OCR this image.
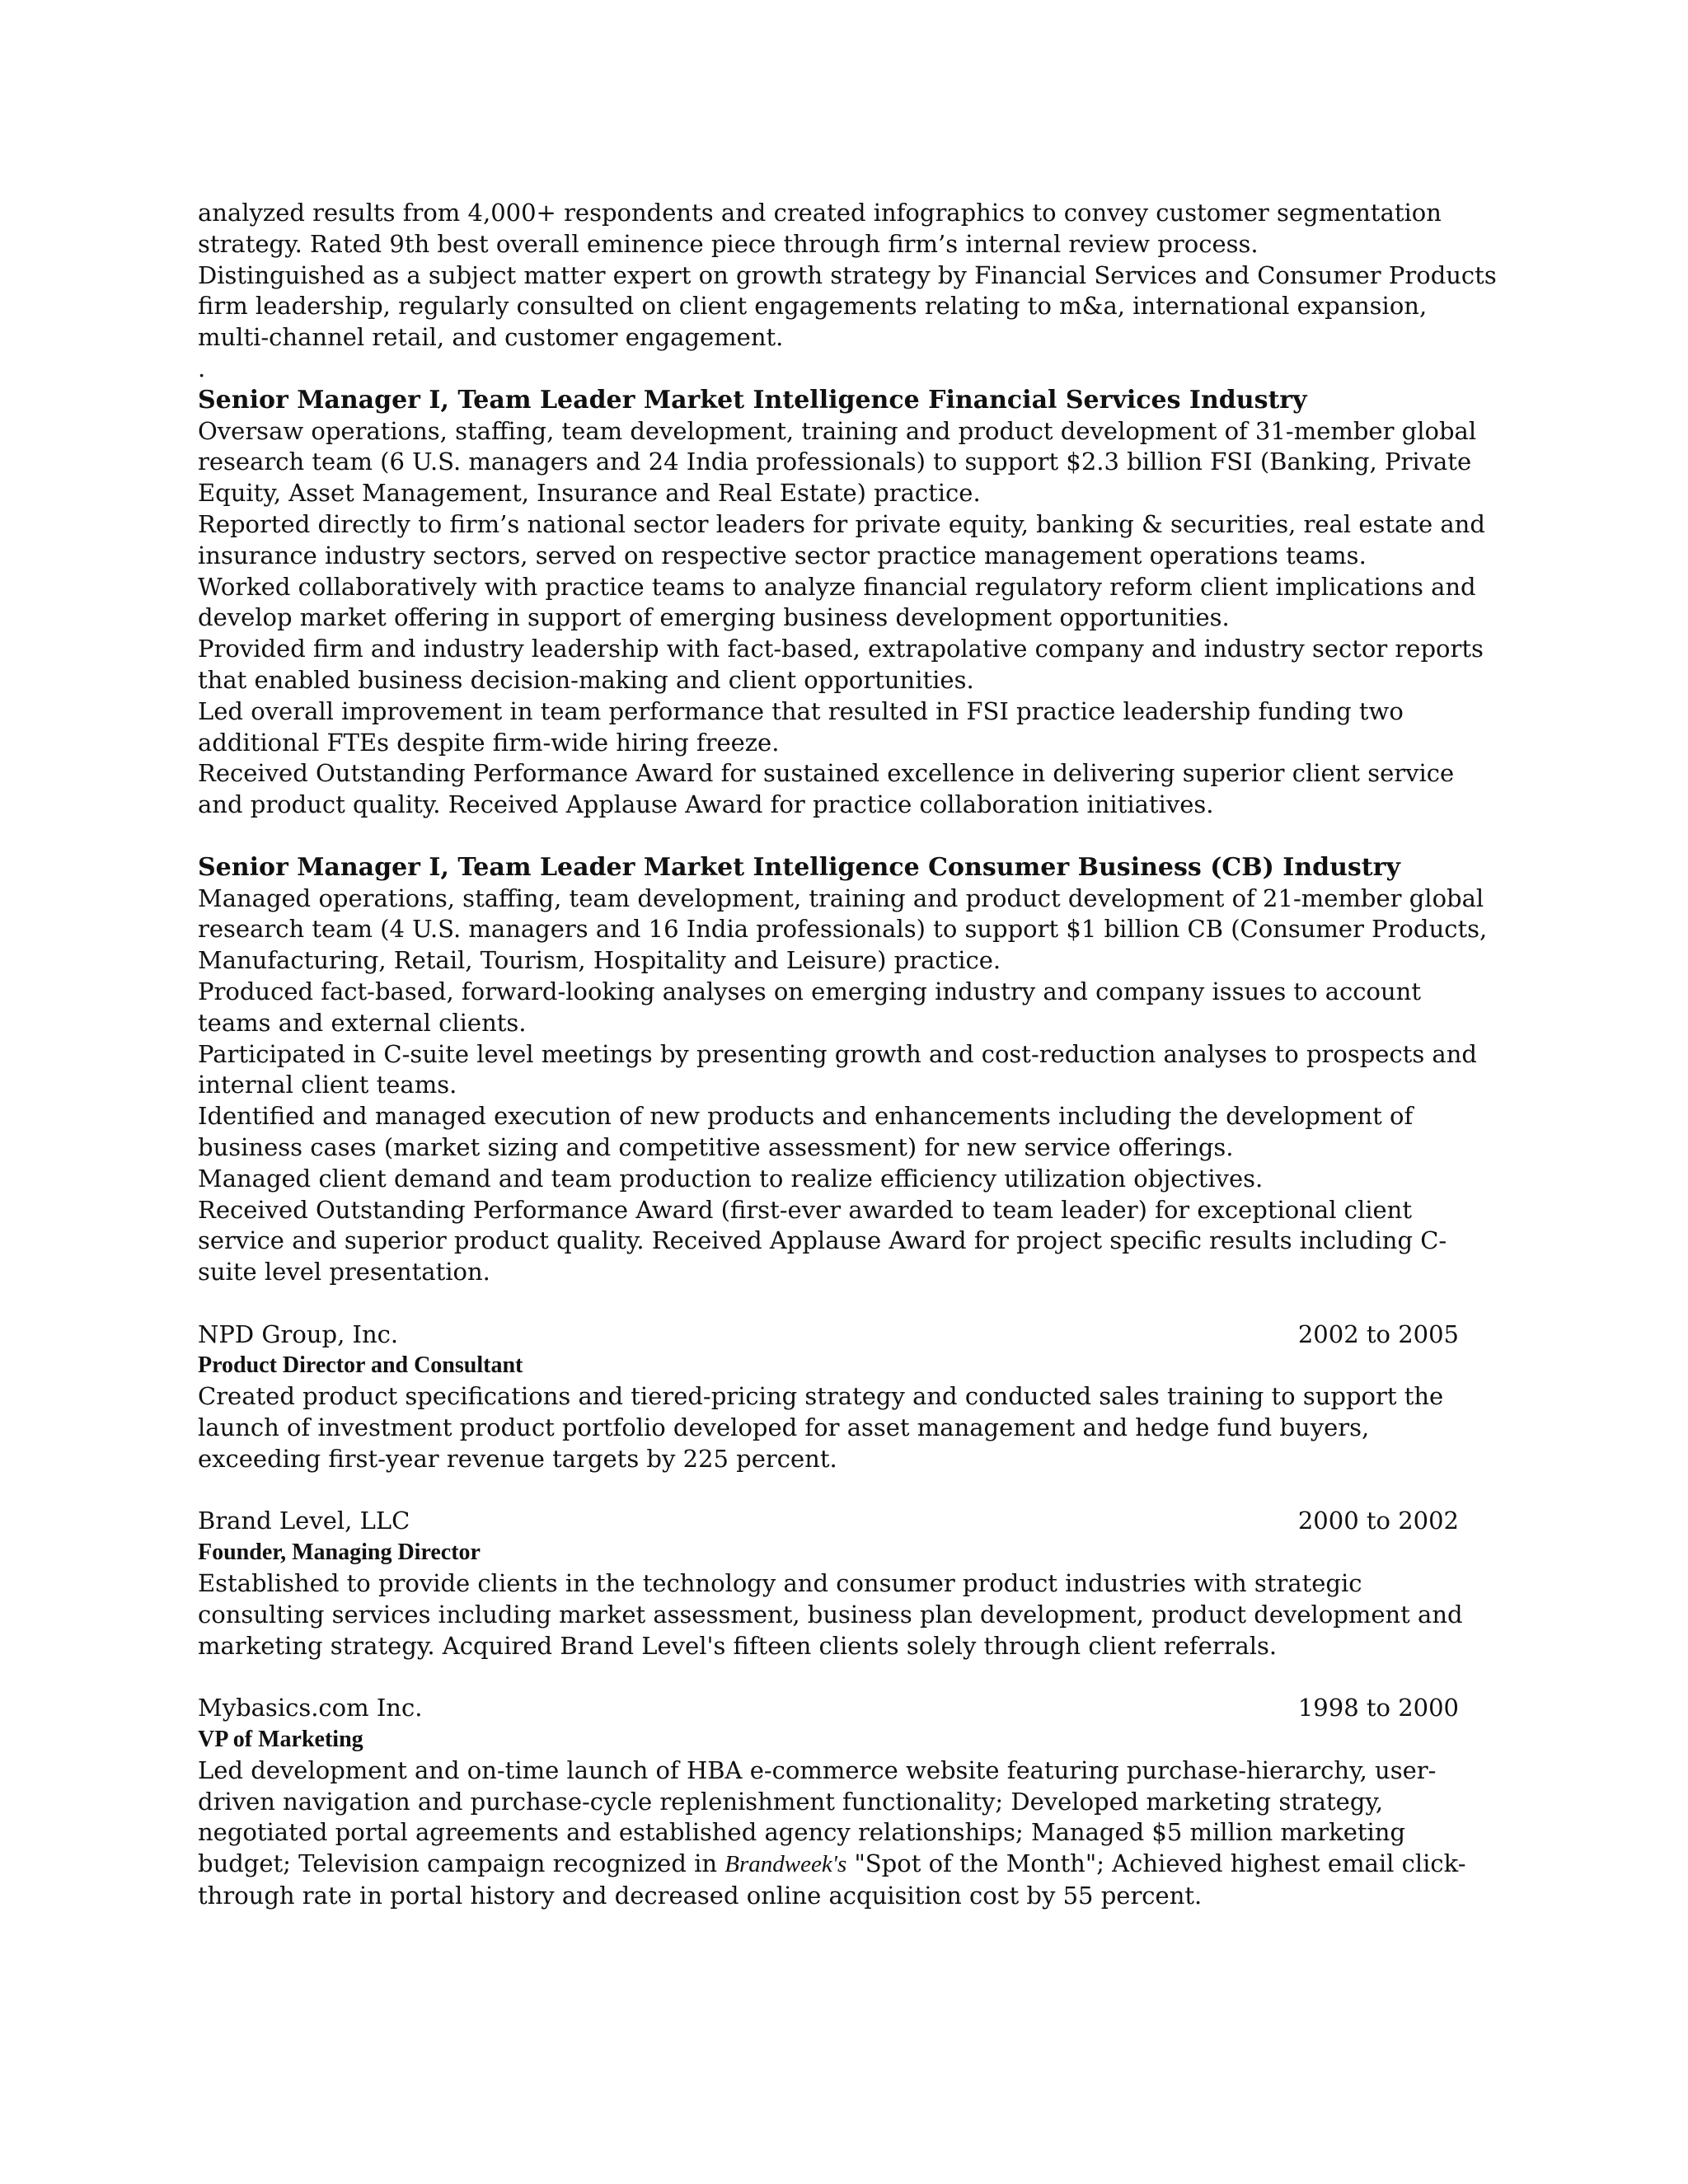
analyzed results from 4,000+ respondents and created infographics to convey customer segmentation
strategy. Rated 9th best overall eminence piece through firm’s internal review process.
Distinguished as a subject matter expert on growth strategy by Financial Services and Consumer Products
firm leadership, regularly consulted on client engagements relating to m&a, international expansion,
multi-channel retail, and customer engagement.
.
Senior Manager I, Team Leader Market Intelligence Financial Services Industry
Oversaw operations, staffing, team development, training and product development of 31-member global
research team (6 U.S. managers and 24 India professionals) to support $2.3 billion FSI (Banking, Private
Equity, Asset Management, Insurance and Real Estate) practice.
Reported directly to firm’s national sector leaders for private equity, banking & securities, real estate and
insurance industry sectors, served on respective sector practice management operations teams.
Worked collaboratively with practice teams to analyze financial regulatory reform client implications and
develop market offering in support of emerging business development opportunities.
Provided firm and industry leadership with fact-based, extrapolative company and industry sector reports
that enabled business decision-making and client opportunities.
Led overall improvement in team performance that resulted in FSI practice leadership funding two
additional FTEs despite firm-wide hiring freeze.
Received Outstanding Performance Award for sustained excellence in delivering superior client service
and product quality. Received Applause Award for practice collaboration initiatives.
Senior Manager I, Team Leader Market Intelligence Consumer Business (CB) Industry
Managed operations, staffing, team development, training and product development of 21-member global
research team (4 U.S. managers and 16 India professionals) to support $1 billion CB (Consumer Products,
Manufacturing, Retail, Tourism, Hospitality and Leisure) practice.
Produced fact-based, forward-looking analyses on emerging industry and company issues to account
teams and external clients.
Participated in C-suite level meetings by presenting growth and cost-reduction analyses to prospects and
internal client teams.
Identified and managed execution of new products and enhancements including the development of
business cases (market sizing and competitive assessment) for new service offerings.
Managed client demand and team production to realize efficiency utilization objectives.
Received Outstanding Performance Award (first-ever awarded to team leader) for exceptional client
service and superior product quality. Received Applause Award for project specific results including C-
suite level presentation.
NPD Group, Inc.	2002 to 2005
Product Director and Consultant
Created product specifications and tiered-pricing strategy and conducted sales training to support the
launch of investment product portfolio developed for asset management and hedge fund buyers,
exceeding first-year revenue targets by 225 percent.
Brand Level, LLC	2000 to 2002
Founder, Managing Director
Established to provide clients in the technology and consumer product industries with strategic
consulting services including market assessment, business plan development, product development and
marketing strategy. Acquired Brand Level's fifteen clients solely through client referrals.
Mybasics.com Inc.	1998 to 2000
VP of Marketing
Led development and on-time launch of HBA e-commerce website featuring purchase-hierarchy, user-
driven navigation and purchase-cycle replenishment functionality; Developed marketing strategy,
negotiated portal agreements and established agency relationships; Managed $5 million marketing
budget; Television campaign recognized in Brandweek's "Spot of the Month"; Achieved highest email click-
through rate in portal history and decreased online acquisition cost by 55 percent.
